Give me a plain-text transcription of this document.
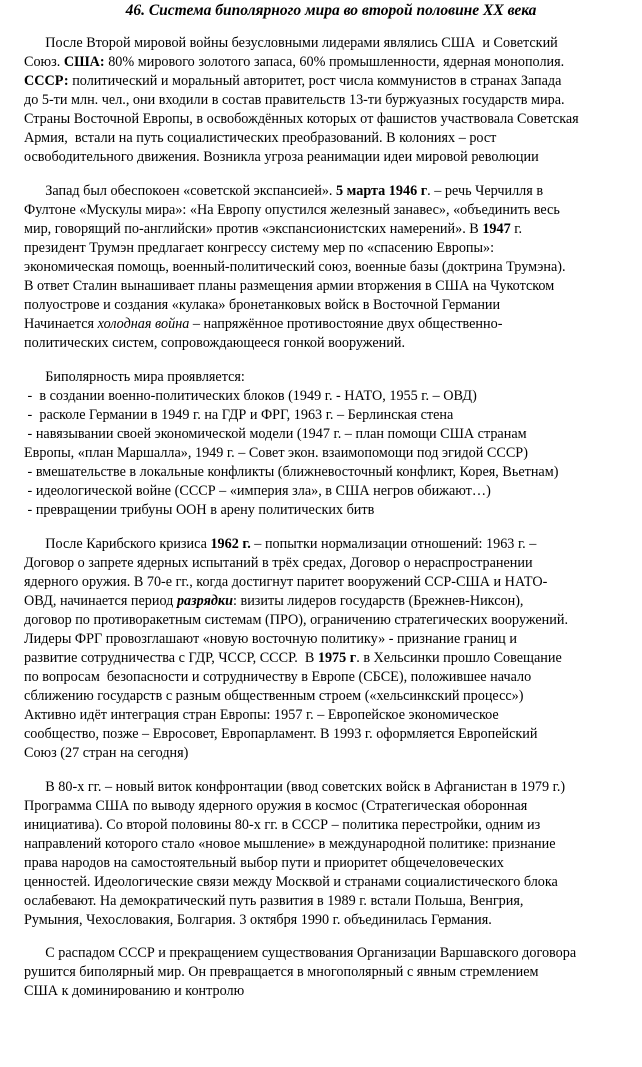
46. Система биполярного мира во второй половине XX века
После Второй мировой войны безусловными лидерами являлись США  и Советский
Союз. США: 80% мирового золотого запаса, 60% промышленности, ядерная монополия.
СССР: политический и моральный авторитет, рост числа коммунистов в странах Запада
до 5-ти млн. чел., они входили в состав правительств 13-ти буржуазных государств мира.
Страны Восточной Европы, в освобождённых которых от фашистов участвовала Советская
Армия,  встали на путь социалистических преобразований. В колониях – рост
освободительного движения. Возникла угроза реанимации идеи мировой революции
Запад был обеспокоен «советской экспансией». 5 марта 1946 г. – речь Черчилля в
Фултоне «Мускулы мира»: «На Европу опустился железный занавес», «объединить весь
мир, говорящий по-английски» против «экспансионистских намерений». В 1947 г.
президент Трумэн предлагает конгрессу систему мер по «спасению Европы»:
экономическая помощь, военный-политический союз, военные базы (доктрина Трумэна).
В ответ Сталин вынашивает планы размещения армии вторжения в США на Чукотском
полуострове и создания «кулака» бронетанковых войск в Восточной Германии
Начинается холодная война – напряжённое противостояние двух общественно-
политических систем, сопровождающееся гонкой вооружений.
Биполярность мира проявляется:
-  в создании военно-политических блоков (1949 г. - НАТО, 1955 г. – ОВД)
-  расколе Германии в 1949 г. на ГДР и ФРГ, 1963 г. – Берлинская стена
- навязывании своей экономической модели (1947 г. – план помощи США странам
Европы, «план Маршалла», 1949 г. – Совет экон. взаимопомощи под эгидой СССР)
- вмешательстве в локальные конфликты (ближневосточный конфликт, Корея, Вьетнам)
- идеологической войне (СССР – «империя зла», в США негров обижают…)
- превращении трибуны ООН в арену политических битв
После Карибского кризиса 1962 г. – попытки нормализации отношений: 1963 г. –
Договор о запрете ядерных испытаний в трёх средах, Договор о нераспространении
ядерного оружия. В 70-е гг., когда достигнут паритет вооружений ССР-США и НАТО-
ОВД, начинается период разрядки: визиты лидеров государств (Брежнев-Никсон),
договор по противоракетным системам (ПРО), ограничению стратегических вооружений.
Лидеры ФРГ провозглашают «новую восточную политику» - признание границ и
развитие сотрудничества с ГДР, ЧССР, СССР.  В 1975 г. в Хельсинки прошло Совещание
по вопросам  безопасности и сотрудничеству в Европе (СБСЕ), положившее начало
сближению государств с разным общественным строем («хельсинкский процесс»)
Активно идёт интеграция стран Европы: 1957 г. – Европейское экономическое
сообщество, позже – Евросовет, Европарламент. В 1993 г. оформляется Европейский
Союз (27 стран на сегодня)
В 80-х гг. – новый виток конфронтации (ввод советских войск в Афганистан в 1979 г.)
Программа США по выводу ядерного оружия в космос (Стратегическая оборонная
инициатива). Со второй половины 80-х гг. в СССР – политика перестройки, одним из
направлений которого стало «новое мышление» в международной политике: признание
права народов на самостоятельный выбор пути и приоритет общечеловеческих
ценностей. Идеологические связи между Москвой и странами социалистического блока
ослабевают. На демократический путь развития в 1989 г. встали Польша, Венгрия,
Румыния, Чехословакия, Болгария. 3 октября 1990 г. объединилась Германия.
С распадом СССР и прекращением существования Организации Варшавского договора
рушится биполярный мир. Он превращается в многополярный с явным стремлением
США к доминированию и контролю
